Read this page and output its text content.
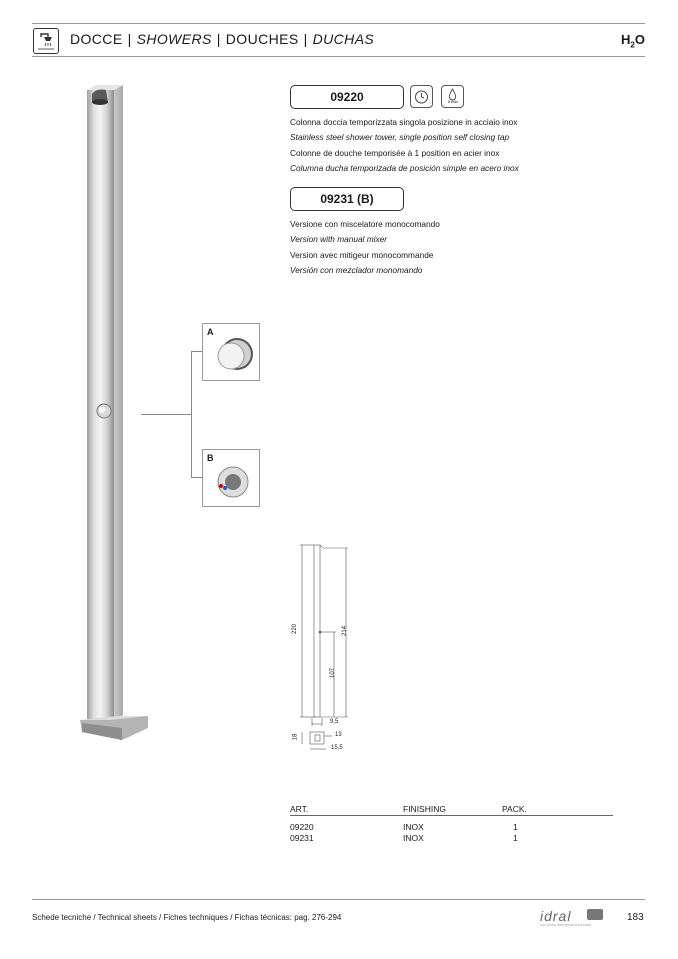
DOCCE | SHOWERS | DOUCHES | DUCHAS	$H_2O$
A
B
09220	8 l/min
Colonna doccia temporizzata singola posizione in acciaio inox
Stainless steel shower tower, single position self closing tap
Colonne de douche temporisée à 1 position en acier inox
Columna ducha temporizada de posición simple en acero inox
09231 (B)
Versione con miscelatore monocomando
Version with manual mixer
Version avec mitigeur monocommande
Versión con mezclador monomando
220	214
107
9,5
18	13
15,5
ART.	FINISHING	PACK.
09220	INOX	1
09231	INOX	1
Schede tecniche / Technical sheets / Fiches techniques / Fichas técnicas: pag. 276-294	idral
SOLUZIONI IDROTERMOSANITARIE
183
